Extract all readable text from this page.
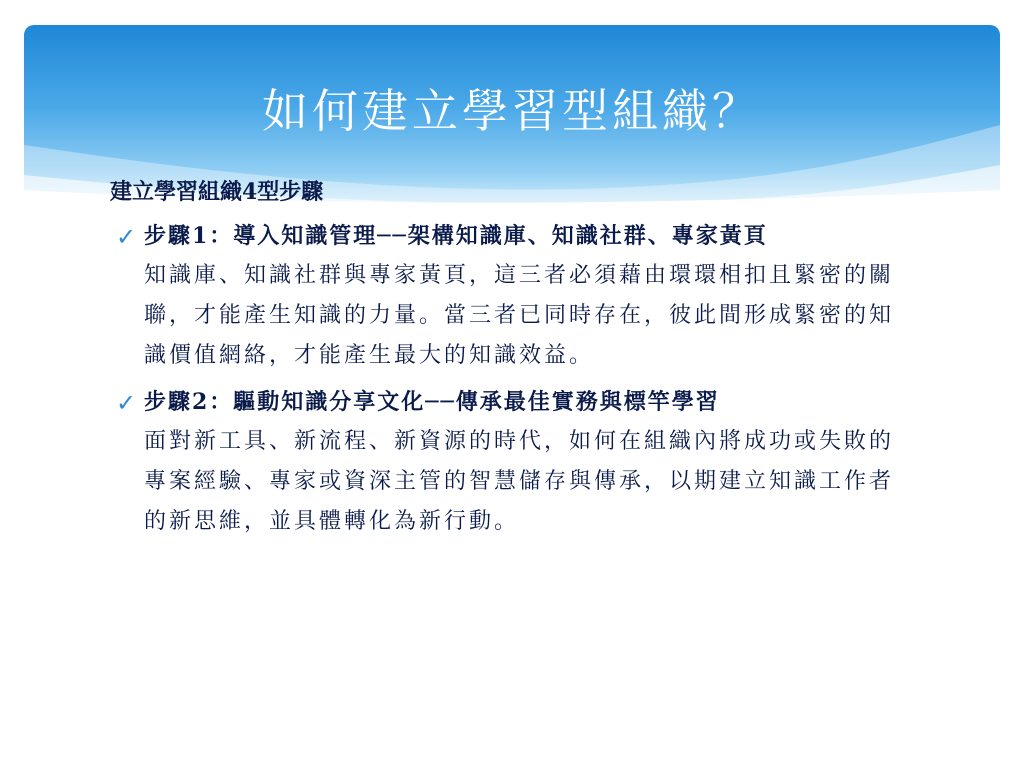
如何建立學習型組織？
建立學習組織4型步驟
✓ 步驟1：導入知識管理──架構知識庫、知識社群、專家黃頁
知識庫、知識社群與專家黃頁，這三者必須藉由環環相扣且緊密的關聯，才能產生知識的力量。當三者已同時存在，彼此間形成緊密的知識價值網絡，才能產生最大的知識效益。
✓ 步驟2：驅動知識分享文化──傳承最佳實務與標竿學習
面對新工具、新流程、新資源的時代，如何在組織內將成功或失敗的專案經驗、專家或資深主管的智慧儲存與傳承，以期建立知識工作者的新思維，並具體轉化為新行動。
